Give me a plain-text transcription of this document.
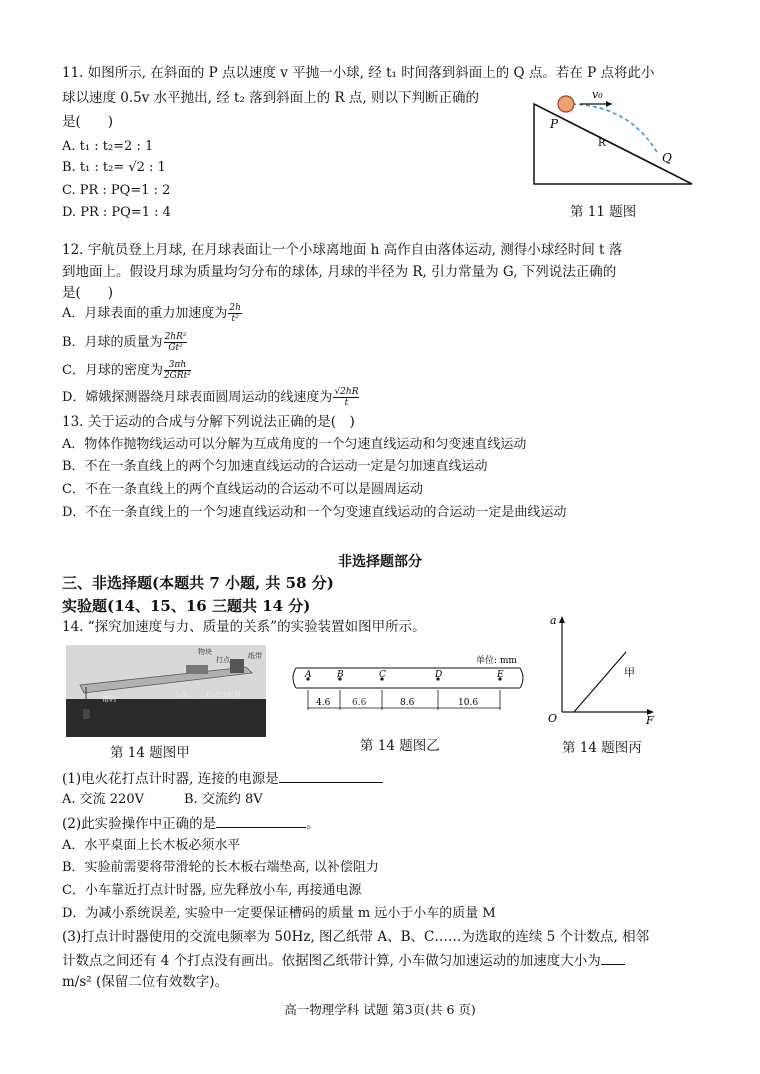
11. 如图所示, 在斜面的 P 点以速度 v 平抛一小球, 经 t₁ 时间落到斜面上的 Q 点。若在 P 点将此小
球以速度 0.5v 水平抛出, 经 t₂ 落到斜面上的 R 点, 则以下判断正确的
是(　　)
A. t₁ : t₂=2 : 1
B. t₁ : t₂= √2 : 1
C. PR : PQ=1 : 2
D. PR : PQ=1 : 4
v₀
P
R
Q
第 11 题图
12. 宇航员登上月球, 在月球表面让一个小球离地面 h 高作自由落体运动, 测得小球经时间 t 落
到地面上。假设月球为质量均匀分布的球体, 月球的半径为 R, 引力常量为 G, 下列说法正确的
是(　　)
A．月球表面的重力加速度为 $\frac{2h}{\text{t²}}$
B．月球的质量为 $\frac{\text{2hR²}}{\text{Gt²}}$
C．月球的密度为 $\frac{3\pi h}{\text{2GRt²}}$
D．嫦娥探测器绕月球表面圆周运动的线速度为 $\frac{√2hR}{t}$
13. 关于运动的合成与分解下列说法正确的是(　)
A．物体作抛物线运动可以分解为互成角度的一个匀速直线运动和匀变速直线运动
B．不在一条直线上的两个匀加速直线运动的合运动一定是匀加速直线运动
C．不在一条直线上的两个直线运动的合运动不可以是圆周运动
D．不在一条直线上的一个匀速直线运动和一个匀变速直线运动的合运动一定是曲线运动
非选择题部分
三、非选择题(本题共 7 小题, 共 58 分)
实验题(14、15、16 三题共 14 分)
14. “探究加速度与力、质量的关系”的实验装置如图甲所示。
物块
打点	纸带
槽码	小车	打点计时器
第 14 题图甲
单位: mm
A	B	C	D	E
4.6 6.6	8.6	10.6
第 14 题图乙
a
F
O
甲
第 14 题图丙
(1)电火花打点计时器, 连接的电源是
A. 交流 220V	B. 交流约 8V
(2)此实验操作中正确的是	。
A．水平桌面上长木板必须水平
B．实验前需要将带滑轮的长木板右端垫高, 以补偿阻力
C．小车靠近打点计时器, 应先释放小车, 再接通电源
D．为减小系统误差, 实验中一定要保证槽码的质量 m 远小于小车的质量 M
(3)打点计时器使用的交流电频率为 50Hz, 图乙纸带 A、B、C……为选取的连续 5 个计数点, 相邻
计数点之间还有 4 个打点没有画出。依据图乙纸带计算, 小车做匀加速运动的加速度大小为
m/s² (保留二位有效数字)。
高一物理学科 试题 第3页(共 6 页)
